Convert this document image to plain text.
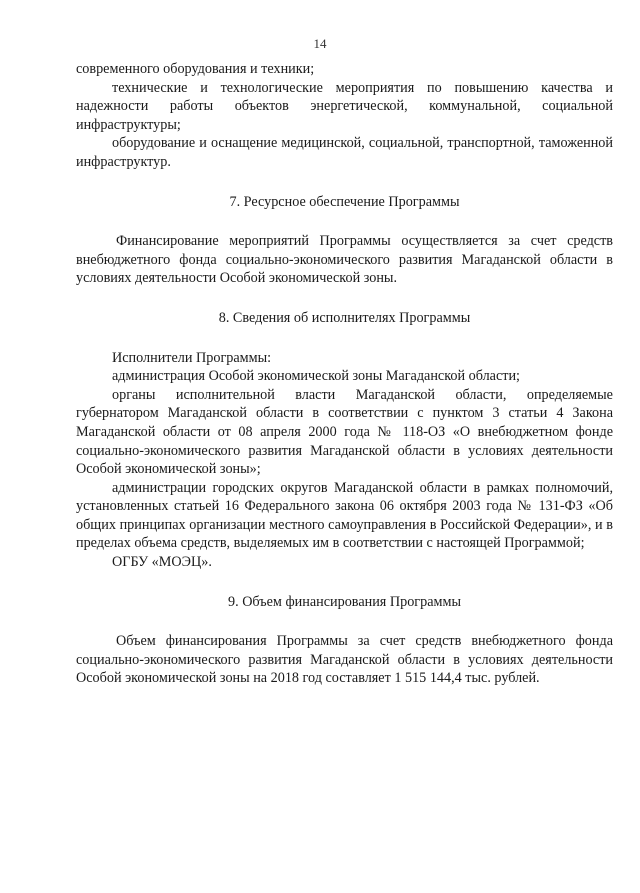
14

современного оборудования и техники;

технические и технологические мероприятия по повышению качества и надежности работы объектов энергетической, коммунальной, социальной инфраструктуры;

оборудование и оснащение медицинской, социальной, транспортной, таможенной инфраструктур.

7. Ресурсное обеспечение Программы

Финансирование мероприятий Программы осуществляется за счет средств внебюджетного фонда социально-экономического развития Магаданской области в условиях деятельности Особой экономической зоны.

8. Сведения об исполнителях Программы

Исполнители Программы:

администрация Особой экономической зоны Магаданской области;

органы исполнительной власти Магаданской области, определяемые губернатором Магаданской области в соответствии с пунктом 3 статьи 4 Закона Магаданской области от 08 апреля 2000 года № 118-ОЗ «О внебюджетном фонде социально-экономического развития Магаданской области в условиях деятельности Особой экономической зоны»;

администрации городских округов Магаданской области в рамках полномочий, установленных статьей 16 Федерального закона 06 октября 2003 года № 131-ФЗ «Об общих принципах организации местного самоуправления в Российской Федерации», и в пределах объема средств, выделяемых им в соответствии с настоящей Программой;

ОГБУ «МОЭЦ».

9. Объем финансирования Программы

Объем финансирования Программы за счет средств внебюджетного фонда социально-экономического развития Магаданской области в условиях деятельности Особой экономической зоны на 2018 год составляет 1 515 144,4 тыс. рублей.
